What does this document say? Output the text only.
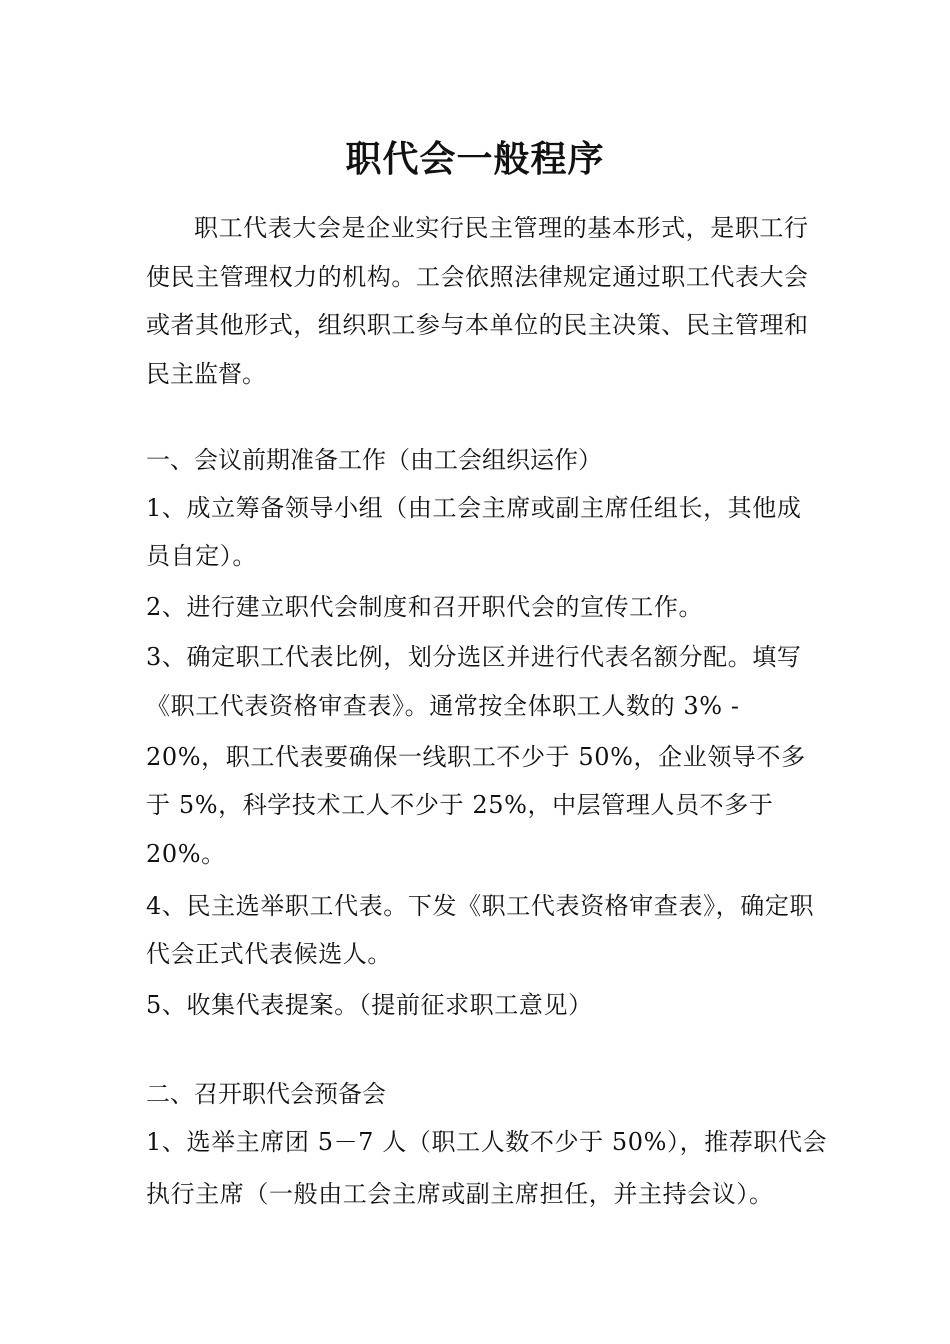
职代会一般程序
职工代表大会是企业实行民主管理的基本形式，是职工行使民主管理权力的机构。工会依照法律规定通过职工代表大会或者其他形式，组织职工参与本单位的民主决策、民主管理和民主监督。
一、会议前期准备工作（由工会组织运作）
1、成立筹备领导小组（由工会主席或副主席任组长，其他成
员自定）。
2、进行建立职代会制度和召开职代会的宣传工作。
3、确定职工代表比例，划分选区并进行代表名额分配。填写
《职工代表资格审查表》。通常按全体职工人数的 3% -
20%，职工代表要确保一线职工不少于 50%，企业领导不多
于 5%，科学技术工人不少于 25%，中层管理人员不多于
20%。
4、民主选举职工代表。下发《职工代表资格审查表》，确定职
代会正式代表候选人。
5、收集代表提案。（提前征求职工意见）
二、召开职代会预备会
1、选举主席团 5－7 人（职工人数不少于 50%），推荐职代会
执行主席（一般由工会主席或副主席担任，并主持会议）。
